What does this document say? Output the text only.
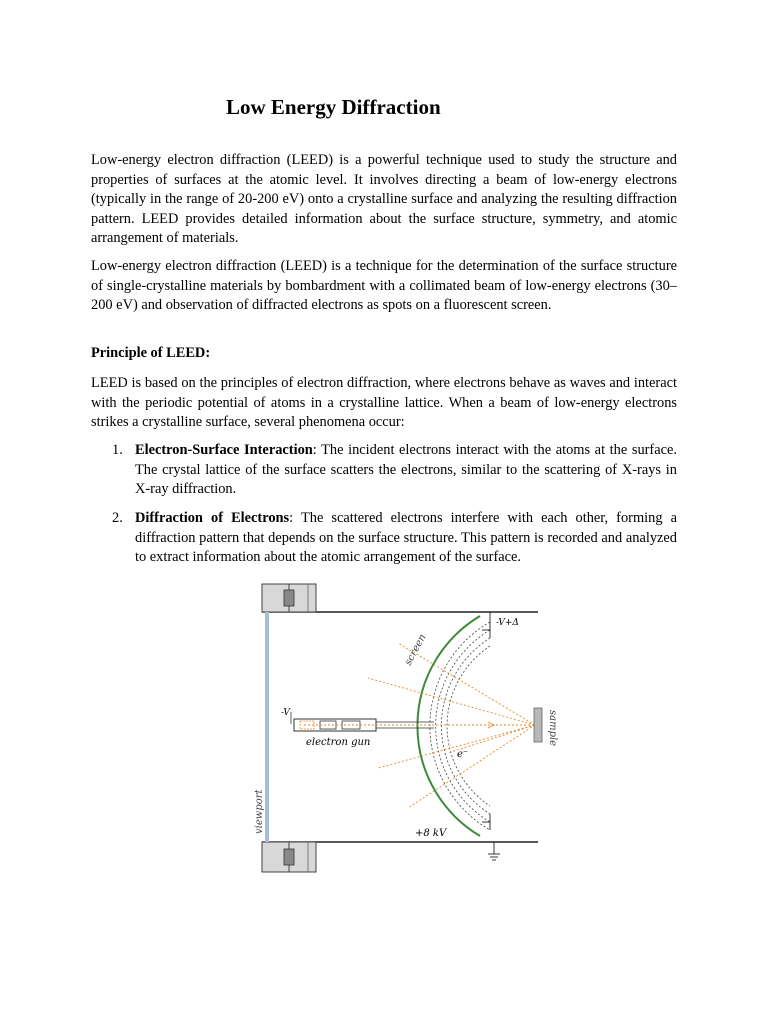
Low Energy Diffraction

Low-energy electron diffraction (LEED) is a powerful technique used to study the structure and properties of surfaces at the atomic level. It involves directing a beam of low-energy electrons (typically in the range of 20-200 eV) onto a crystalline surface and analyzing the resulting diffraction pattern. LEED provides detailed information about the surface structure, symmetry, and atomic arrangement of materials.

Low-energy electron diffraction (LEED) is a technique for the determination of the surface structure of single-crystalline materials by bombardment with a collimated beam of low-energy electrons (30–200 eV) and observation of diffracted electrons as spots on a fluorescent screen.

Principle of LEED:

LEED is based on the principles of electron diffraction, where electrons behave as waves and interact with the periodic potential of atoms in a crystalline lattice. When a beam of low-energy electrons strikes a crystalline surface, several phenomena occur:

1. Electron-Surface Interaction: The incident electrons interact with the atoms at the surface. The crystal lattice of the surface scatters the electrons, similar to the scattering of X-rays in X-ray diffraction.
2. Diffraction of Electrons: The scattered electrons interfere with each other, forming a diffraction pattern that depends on the surface structure. This pattern is recorded and analyzed to extract information about the atomic arrangement of the surface.
-V+Δ
-V
electron gun
e⁻
+8 kV
screen
sample
viewport
